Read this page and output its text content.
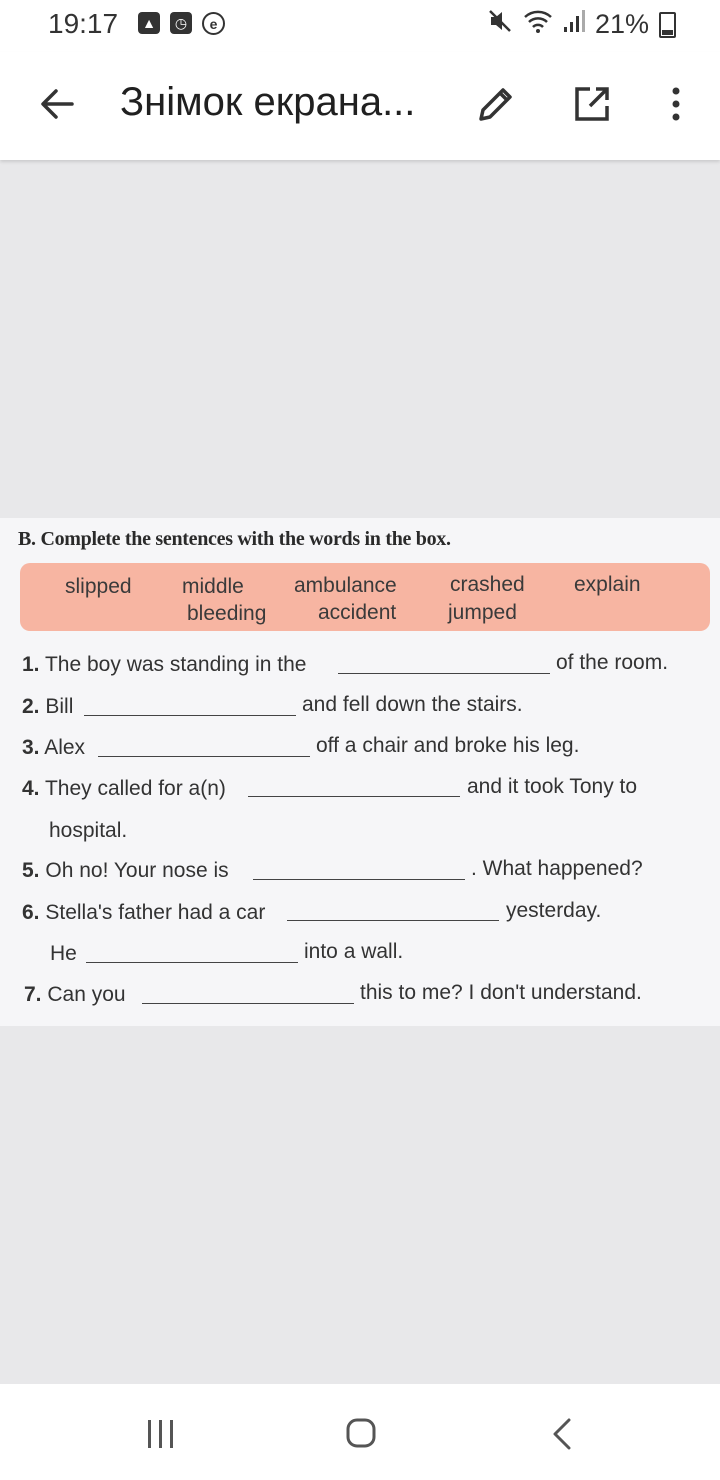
19:17 ▲	◷	e	21%
Знімок екрана...
B. Complete the sentences with the words in the box.
slipped middle ambulance	crashed explain
bleeding accident jumped
1. The boy was standing in the	of the room.
2. Bill	and fell down the stairs.
3. Alex	off a chair and broke his leg.
4. They called for a(n)	and it took Tony to
hospital.
5. Oh no! Your nose is	. What happened?
6. Stella's father had a car	yesterday.
He	into a wall.
7. Can you	this to me? I don't understand.
